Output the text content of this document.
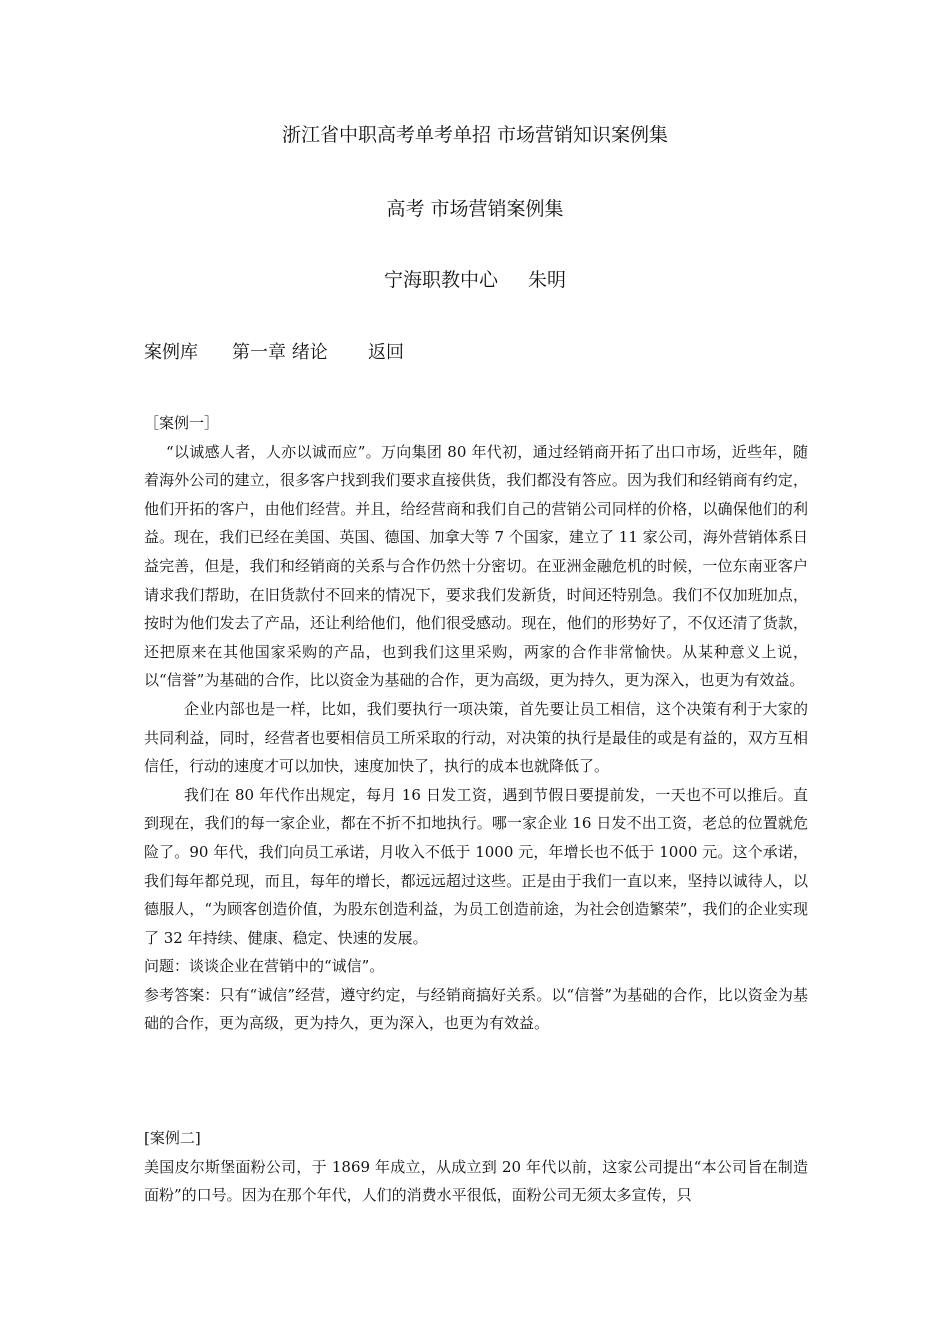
浙江省中职高考单考单招 市场营销知识案例集
高考 市场营销案例集
宁海职教中心 朱明
案例库 第一章 绪论 返回

［案例一］

“以诚感人者，人亦以诚而应”。万向集团 80 年代初，通过经销商开拓了出口市场，近些年，随着海外公司的建立，很多客户找到我们要求直接供货，我们都没有答应。因为我们和经销商有约定，他们开拓的客户，由他们经营。并且，给经营商和我们自己的营销公司同样的价格，以确保他们的利益。现在，我们已经在美国、英国、德国、加拿大等 7 个国家，建立了 11 家公司，海外营销体系日益完善，但是，我们和经销商的关系与合作仍然十分密切。在亚洲金融危机的时候，一位东南亚客户请求我们帮助，在旧货款付不回来的情况下，要求我们发新货，时间还特别急。我们不仅加班加点，按时为他们发去了产品，还让利给他们，他们很受感动。现在，他们的形势好了，不仅还清了货款，还把原来在其他国家采购的产品，也到我们这里采购，两家的合作非常愉快。从某种意义上说，以“信誉”为基础的合作，比以资金为基础的合作，更为高级，更为持久，更为深入，也更为有效益。

企业内部也是一样，比如，我们要执行一项决策，首先要让员工相信，这个决策有利于大家的共同利益，同时，经营者也要相信员工所采取的行动，对决策的执行是最佳的或是有益的，双方互相信任，行动的速度才可以加快，速度加快了，执行的成本也就降低了。

我们在 80 年代作出规定，每月 16 日发工资，遇到节假日要提前发，一天也不可以推后。直到现在，我们的每一家企业，都在不折不扣地执行。哪一家企业 16 日发不出工资，老总的位置就危险了。90 年代，我们向员工承诺，月收入不低于 1000 元，年增长也不低于 1000 元。这个承诺，我们每年都兑现，而且，每年的增长，都远远超过这些。正是由于我们一直以来，坚持以诚待人，以德服人，“为顾客创造价值，为股东创造利益，为员工创造前途，为社会创造繁荣”，我们的企业实现了 32 年持续、健康、稳定、快速的发展。

问题：谈谈企业在营销中的“诚信”。

参考答案：只有“诚信”经营，遵守约定，与经销商搞好关系。以“信誉”为基础的合作，比以资金为基础的合作，更为高级，更为持久，更为深入，也更为有效益。

[案例二]

美国皮尔斯堡面粉公司，于 1869 年成立，从成立到 20 年代以前，这家公司提出“本公司旨在制造面粉”的口号。因为在那个年代，人们的消费水平很低，面粉公司无须太多宣传，只
